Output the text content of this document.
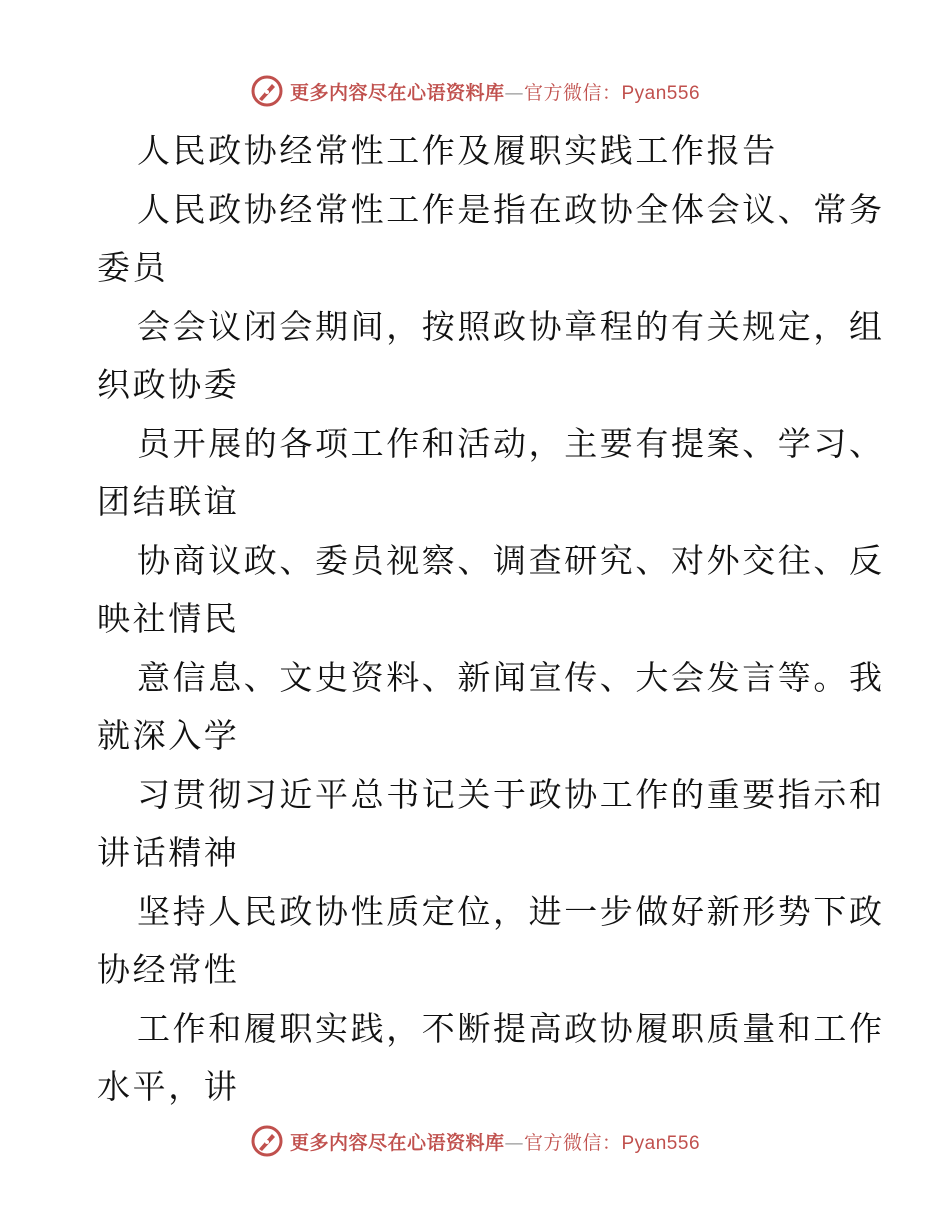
更多内容尽在心语资料库—官方微信：Pyan556
人民政协经常性工作及履职实践工作报告
人民政协经常性工作是指在政协全体会议、常务
委员
会会议闭会期间，按照政协章程的有关规定，组
织政协委
员开展的各项工作和活动，主要有提案、学习、
团结联谊
协商议政、委员视察、调查研究、对外交往、反
映社情民
意信息、文史资料、新闻宣传、大会发言等。我
就深入学
习贯彻习近平总书记关于政协工作的重要指示和
讲话精神
坚持人民政协性质定位，进一步做好新形势下政
协经常性
工作和履职实践，不断提高政协履职质量和工作
水平，讲
更多内容尽在心语资料库—官方微信：Pyan556
